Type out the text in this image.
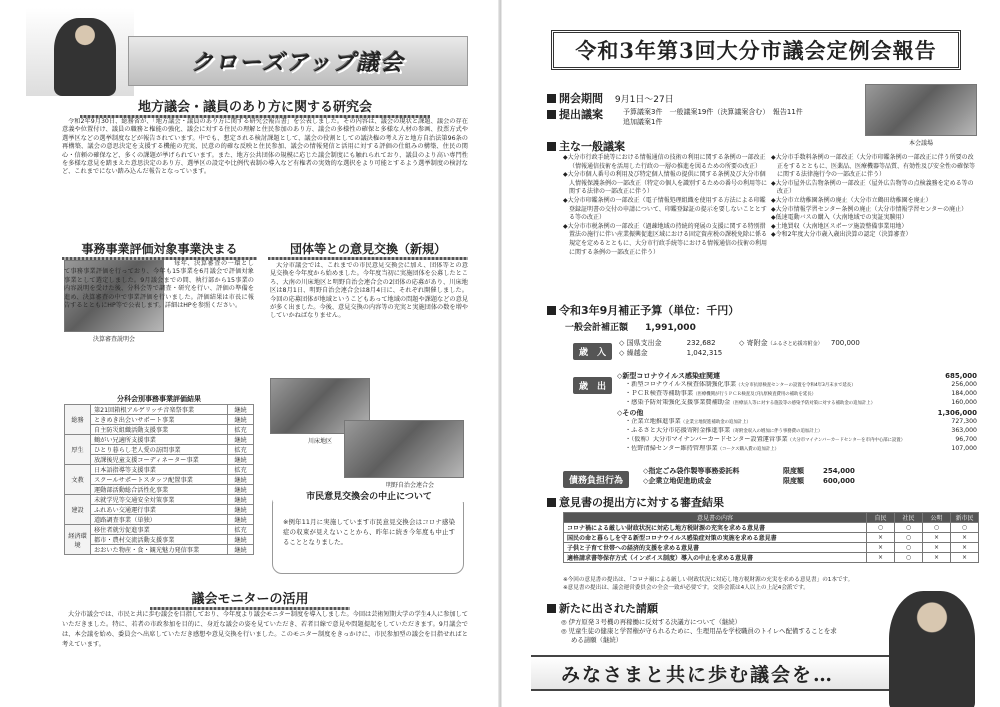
クローズアップ議会
地方議会・議員のあり方に関する研究会
令和2年9月30日、総務省が、「地方議会・議員のあり方に関する研究会報告書」を公表しました。その内容は、議会の現状と課題、議会の存在意義や位置付け、議員の職務と権能の強化、議会に対する住民の理解と住民参加のあり方、議会の多様性の確保と多様な人材の参画、投票方式や選挙区などの選挙制度などが報告されています。中でも、想定される検討課題として、議会の役割としての議決権の考え方と地方自治法第96条の再構築、議会の意思決定を支援する機能の充実、民意の的確な反映と住民参加、議会の情報発信と活用に対する評価の仕組みの構築、住民の関心・信頼の確保など、多くの課題が挙げられています。また、地方公共団体の規模に応じた議会制度にも触れられており、議員のより高い専門性を多様な意見を踏まえた意思決定のあり方、選挙区の設定や比例代表制の導入など有権者の実効的な選択をより可能とするよう選挙制度の検討など、これまでにない踏み込んだ報告となっています。
事務事業評価対象事業決まる
決算審査説明会
毎年、決算審査の一環として事務事業評価を行っており、今年も15事業を6月議会で評価対象事業として選定しました。9月議会までの間、執行部から15事業の内容説明を受けた後、分科会等で調査・研究を行い、評価の準備を進め、決算審査の中で事業評価を行いました。評価結果は市長に報告するとともにHP等で公表します。詳細はHPを参照ください。
分科会別事務事業評価結果
総務	第21回箱根アルゲリッチ音楽祭事業	継続
	ときめき出会いサポート事業	継続
	自主防災組織活動支援事業	拡充
厚生	鶴がい兄適所支援事業	継続
	ひとり暮らし老人愛の訪問事業	拡充
	放課後児童支援コーディネーター事業	継続
文教	日本語指導等支援事業	拡充
	スクールサポートスタッフ配置事業	継続
	運動部活動総合活性化事業	継続
建設	未就学児等交通安全対策事業	継続
	ふれあい交通運行事業	継続
	道路調査事業（単独）	継続
経済環境	移住者就労促進事業	拡充
	都市・農村交流活動支援事業	継続
	おおいた物産・食・観光魅力発信事業	継続
団体等との意見交換（新規）
大分市議会では、これまでの市民意見交換会に加え、団体等との意見交換を今年度から始めました。今年度当初に実施団体を公募したところ、大南の川床地区と明野自治会連合会の2団体の応募があり、川床地区は8月1日、明野自治会連合会は8月4日に、それぞれ開催しました。今回の応募団体が地域というこどもあって地域の問題や課題などの意見が多く出ました。今後、意見交換の内容等の充実と実施団体の数を増やしていかねばなりません。
川床地区
明野自治会連合会
市民意見交換会の中止について
※例年11月に実施しています市民意見交換会はコロナ感染症の収束が見えないことから、昨年に続き今年度も中止することとなりました。
議会モニターの活用
大分市議会では、市民と共に歩む議会を目指しており、今年度より議会モニター制度を導入しました。今回は芸術短期大学の学生4人に参加していただきました。特に、若者の市政参加を目的に、身近な議会の姿を見ていただき、若者目線で意見や問題提起をしていただきます。9月議会では、本会議を始め、委員会へ出席していただき感想や意見交換を行いました。このモニター制度をきっかけに、市民参加型の議会を目指せればと考えています。
令和3年第3回大分市議会定例会報告
開会期間 9月1日〜27日
提出議案	予算議案3件　一般議案19件（決算議案含む）　報告11件
追加議案1件
本会議場
主な一般議案
◆大分市行政手続等における情報通信の技術の利用に関する条例の一部改正（情報通信技術を活用した行政の一層の推進を図るための所要の改正）
◆大分市個人番号の利用及び特定個人情報の提供に関する条例及び大分市個人情報保護条例の一部改正（特定の個人を識別するための番号の利用等に関する法律の一部改正に伴う）
◆大分市印鑑条例の一部改正（電子情報処理組織を使用する方法による印鑑登録証明書の交付の申請について、印鑑登録証の提示を要しないこととする等の改正）
◆大分市市税条例の一部改正（過疎地域の持続的発展の支援に関する特別措置法の施行に伴い産業振興促進区域における固定資産税の課税免除に係る規定を定めるとともに、大分市行政手続等における情報通信の技術の利用に関する条例の一部改正に伴う）
◆大分市手数料条例の一部改正（大分市印鑑条例の一部改正に伴う所要の改正をするとともに、医薬品、医療機器等品質、有効性及び安全性の確保等に関する法律施行令の一部改正に伴う）
◆大分市屋外広告物条例の一部改正（屋外広告物等の点検義務を定める等の改正）
◆大分市立幼稚園条例の廃止（大分市立鶴田幼稚園を廃止）
◆大分市情報学習センター条例の廃止（大分市情報学習センターの廃止）
◆低速電動バスの購入（大南地域での実証実験用）
◆土地買収（大南地区スポーツ施設整備事業用地）
◆令和2年度大分市歳入歳出決算の認定（決算審査）
令和3年9月補正予算（単位：千円）
一般会計補正額 1,991,000
歳　入
◇ 国県支出金	232,682
◇ 繰越金	1,042,315
◇ 寄附金（ふるさと応援寄附金） 700,000
歳　出
◇新型コロナウイルス感染症関連	685,000
・新型コロナウイルス検査体制強化事業（大分市抗原検査センターの設置を令和4年3月末まで延長）	256,000
・ＰＣＲ検査等補助事業（医療機関が行うＰＣＲ検査及び抗原検査費用の補助を延長）	184,000
・感染予防対策強化支援事業費補助金（医療法人等に対する施設等の感染予防対策に対する補助金の追加計上）	160,000
◇その他	1,306,000
・企業立地推進事業（企業立地促進補助金の追加計上）	727,300
・ふるさと大分市応援寄附金推進事業（寄附金収入の増加に伴う事務費の追加計上）	363,000
・（仮称）大分市マイナンバーカードセンター設置運営事業（大分市マイナンバーカードセンターを市内中心部に設置）	96,700
・佐野清掃センター維持管理事業（コークス購入費の追加計上）	107,000
債務負担行為
◇指定ごみ袋作製等事務委託料	限度額	254,000
◇企業立地促進助成金	限度額	600,000
意見書の提出方に対する審査結果
意見書の内容	自民	社民	公明	新市民
コロナ禍による厳しい財政状況に対応し地方税財源の充実を求める意見書	○	○	○	○
国民の命と暮らしを守る新型コロナウイルス感染症対策の実施を求める意見書	×	○	×	×
子供と子育て世帯への経済的支援を求める意見書	×	○	×	×
適格請求書等保存方式（インボイス制度）導入の中止を求める意見書	×	○	×	×
※今回の意見書の提出は、「コロナ禍による厳しい財政状況に対応し地方税財源の充実を求める意見書」の1本です。
※意見書の提出は、議会運営委員会の全会一致が必要です。交渉会派は4人以上の上記4会派です。
新たに出された請願
◎ 伊方原発３号機の再稼働に反対する決議方について（継続）
◎ 児童生徒の健康と学習権が守られるために、生理用品を学校職員のトイレへ配備することを求める請願（継続）
みなさまと共に歩む議会を…
